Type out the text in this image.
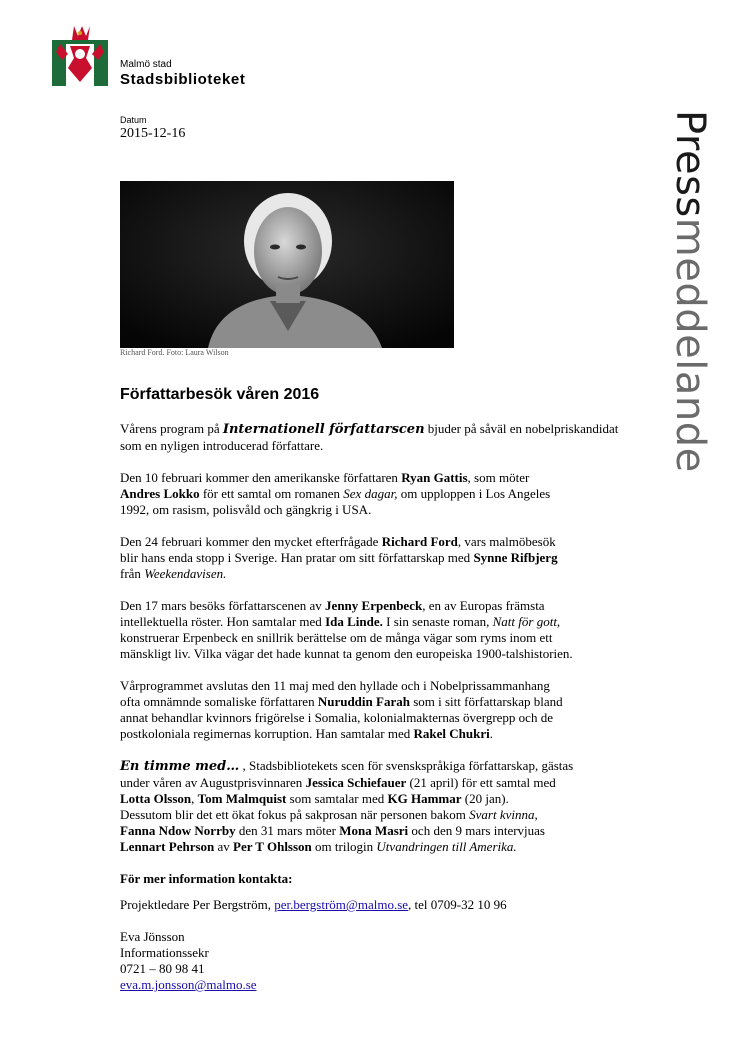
Malmö stad
Stadsbiblioteket
Datum
2015-12-16
Richard Ford. Foto: Laura Wilson
Pressmeddelande
Författarbesök våren 2016

Vårens program på Internationell författarscen bjuder på såväl en nobelpriskandidat
som en nyligen introducerad författare.

Den 10 februari kommer den amerikanske författaren Ryan Gattis, som möter
Andres Lokko för ett samtal om romanen Sex dagar, om upploppen i Los Angeles
1992, om rasism, polisvåld och gängkrig i USA.

Den 24 februari kommer den mycket efterfrågade Richard Ford, vars malmöbesök
blir hans enda stopp i Sverige. Han pratar om sitt författarskap med Synne Rifbjerg
från Weekendavisen.

Den 17 mars besöks författarscenen av Jenny Erpenbeck, en av Europas främsta
intellektuella röster. Hon samtalar med Ida Linde. I sin senaste roman, Natt för gott,
konstruerar Erpenbeck en snillrik berättelse om de många vägar som ryms inom ett
mänskligt liv. Vilka vägar det hade kunnat ta genom den europeiska 1900-talshistorien.

Vårprogrammet avslutas den 11 maj med den hyllade och i Nobelprissammanhang
ofta omnämnde somaliske författaren Nuruddin Farah som i sitt författarskap bland
annat behandlar kvinnors frigörelse i Somalia, kolonialmakternas övergrepp och de
postkoloniala regimernas korruption. Han samtalar med Rakel Chukri.

En timme med… , Stadsbibliotekets scen för svenskspråkiga författarskap, gästas
under våren av Augustprisvinnaren Jessica Schiefauer (21 april) för ett samtal med
Lotta Olsson, Tom Malmquist som samtalar med KG Hammar (20 jan).
Dessutom blir det ett ökat fokus på sakprosan när personen bakom Svart kvinna,
Fanna Ndow Norrby den 31 mars möter Mona Masri och den 9 mars intervjuas
Lennart Pehrson av Per T Ohlsson om trilogin Utvandringen till Amerika.

För mer information kontakta:

Projektledare Per Bergström, per.bergström@malmo.se, tel 0709-32 10 96

Eva Jönsson
Informationssekr
0721 – 80 98 41
eva.m.jonsson@malmo.se
